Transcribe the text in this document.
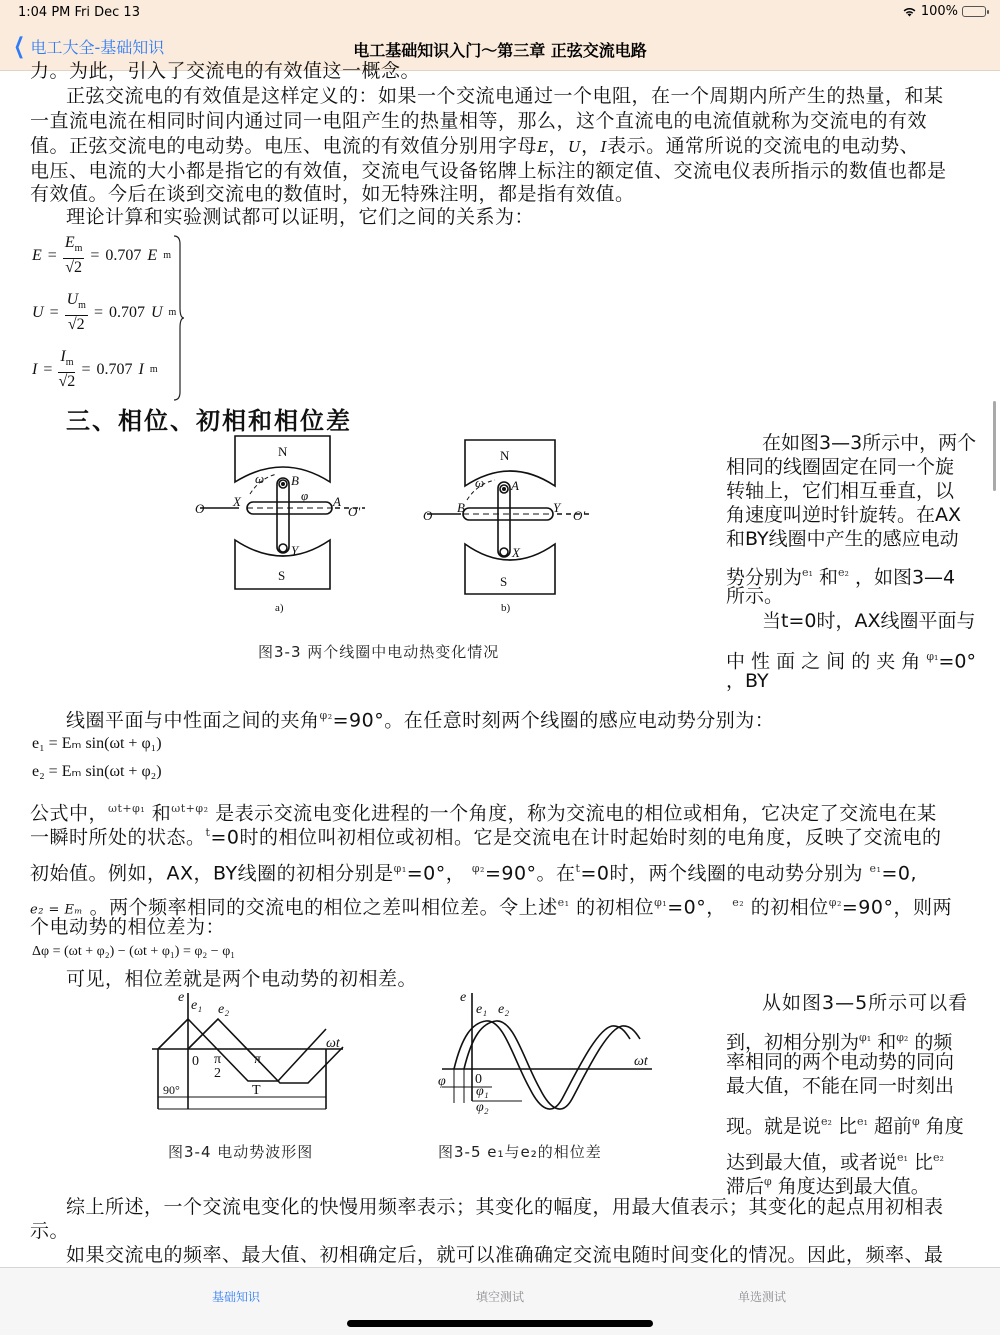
1:04 PM Fri Dec 13	100%
❮ 电工大全-基础知识	电工基础知识入门～第三章 正弦交流电路
力。为此，引入了交流电的有效值这一概念。
正弦交流电的有效值是这样定义的：如果一个交流电通过一个电阻，在一个周期内所产生的热量，和某
一直流电流在相同时间内通过同一电阻产生的热量相等，那么，这个直流电的电流值就称为交流电的有效
值。正弦交流电的电动势。电压、电流的有效值分别用字母E，U，I表示。通常所说的交流电的电动势、
电压、电流的大小都是指它的有效值，交流电气设备铭牌上标注的额定值、交流电仪表所指示的数值也都是
有效值。今后在谈到交流电的数值时，如无特殊注明，都是指有效值。
理论计算和实验测试都可以证明，它们之间的关系为：
$E = \frac{E_m}{√2} = 0.707$ E m
$U = \frac{U_m}{√2} = 0.707$ U m
$I = \frac{I_m}{√2} = 0.707$ I m
三、相位、初相和相位差
N
S
O	O'
ω B
φ
X	A
Y
a)
N
S
O	O'
ω A
B	Y
X
b)
图3-3 两个线圈中电动热变化情况
在如图3—3所示中，两个
相同的线圈固定在同一个旋
转轴上，它们相互垂直，以
角速度叫逆时针旋转。在AX
和BY线圈中产生的感应电动
势分别为$^{e_1}$ 和$^{e_2}$ ，如图3—4
所示。
当t=0时，AX线圈平面与
中 性 面 之 间 的 夹 角 $^{\varphi_1}$=0°
，BY
线圈平面与中性面之间的夹角$^{\varphi_2}$=90°。在任意时刻两个线圈的感应电动势分别为：
e₁ = Eₘ sin(ωt + φ₁)
e₂ = Eₘ sin(ωt + φ₂)
公式中，$^{\omega t+\varphi_1}$ 和$^{\omega t+\varphi_2}$ 是表示交流电变化进程的一个角度，称为交流电的相位或相角，它决定了交流电在某
一瞬时所处的状态。$^t$=0时的相位叫初相位或初相。它是交流电在计时起始时刻的电角度，反映了交流电的
初始值。例如，AX，BY线圈的初相分别是$^{\varphi_1}$=0°， $^{\varphi_2}$=90°。在$^t$=0时，两个线圈的电动势分别为 $^{e_1}$=0,
e₂ = Eₘ 。两个频率相同的交流电的相位之差叫相位差。令上述$^{e_1}$ 的初相位$^{\varphi_1}$=0°， $^{e_2}$ 的初相位$^{\varphi_2}$=90°，则两
个电动势的相位差为：
Δφ = (ωt + φ₂) − (ωt + φ₁) = φ₂ − φ₁
可见，相位差就是两个电动势的初相差。
e
e₁ e₂
ωt
0 π
2
π
90°	T
图3-4 电动势波形图
e
e₁ e₂
ωt
0
φ
φ₁
φ₂
图3-5 e₁与e₂的相位差
从如图3—5所示可以看
到，初相分别为$^{\varphi_1}$ 和$^{\varphi_2}$ 的频
率相同的两个电动势的同向
最大值，不能在同一时刻出
现。就是说$^{e_2}$ 比$^{e_1}$ 超前$^\varphi$ 角度
达到最大值，或者说$^{e_1}$ 比$^{e_2}$
滞后$^\varphi$ 角度达到最大值。
综上所述，一个交流电变化的快慢用频率表示；其变化的幅度，用最大值表示；其变化的起点用初相表
示。
如果交流电的频率、最大值、初相确定后，就可以准确确定交流电随时间变化的情况。因此，频率、最
基础知识	填空测试	单选测试
